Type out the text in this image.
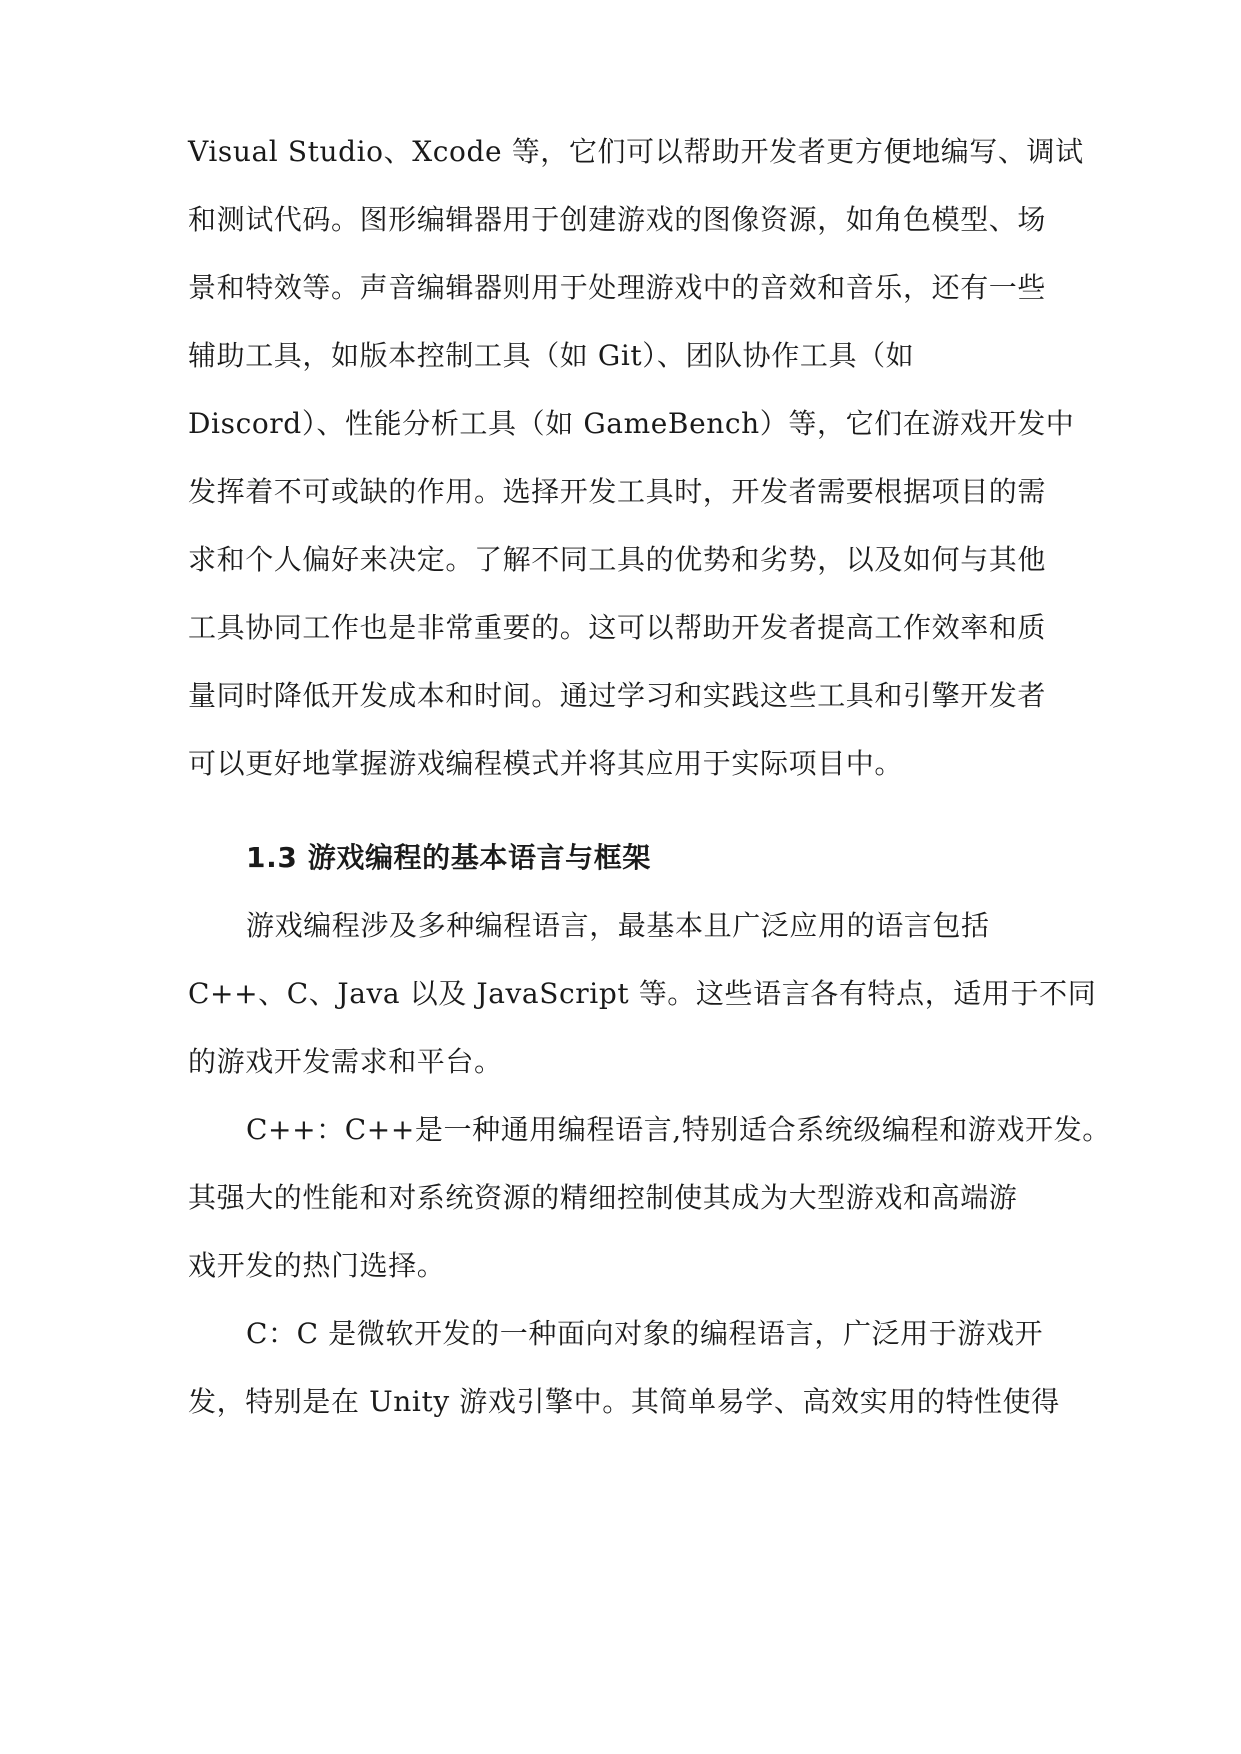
Visual Studio、Xcode 等，它们可以帮助开发者更方便地编写、调试
和测试代码。图形编辑器用于创建游戏的图像资源，如角色模型、场
景和特效等。声音编辑器则用于处理游戏中的音效和音乐，还有一些
辅助工具，如版本控制工具（如 Git）、团队协作工具（如
Discord）、性能分析工具（如 GameBench）等，它们在游戏开发中
发挥着不可或缺的作用。选择开发工具时，开发者需要根据项目的需
求和个人偏好来决定。了解不同工具的优势和劣势，以及如何与其他
工具协同工作也是非常重要的。这可以帮助开发者提高工作效率和质
量同时降低开发成本和时间。通过学习和实践这些工具和引擎开发者
可以更好地掌握游戏编程模式并将其应用于实际项目中。
1.3 游戏编程的基本语言与框架
游戏编程涉及多种编程语言，最基本且广泛应用的语言包括
C++、C、Java 以及 JavaScript 等。这些语言各有特点，适用于不同
的游戏开发需求和平台。
C++：C++是一种通用编程语言,特别适合系统级编程和游戏开发。
其强大的性能和对系统资源的精细控制使其成为大型游戏和高端游
戏开发的热门选择。
C：C 是微软开发的一种面向对象的编程语言，广泛用于游戏开
发，特别是在 Unity 游戏引擎中。其简单易学、高效实用的特性使得
